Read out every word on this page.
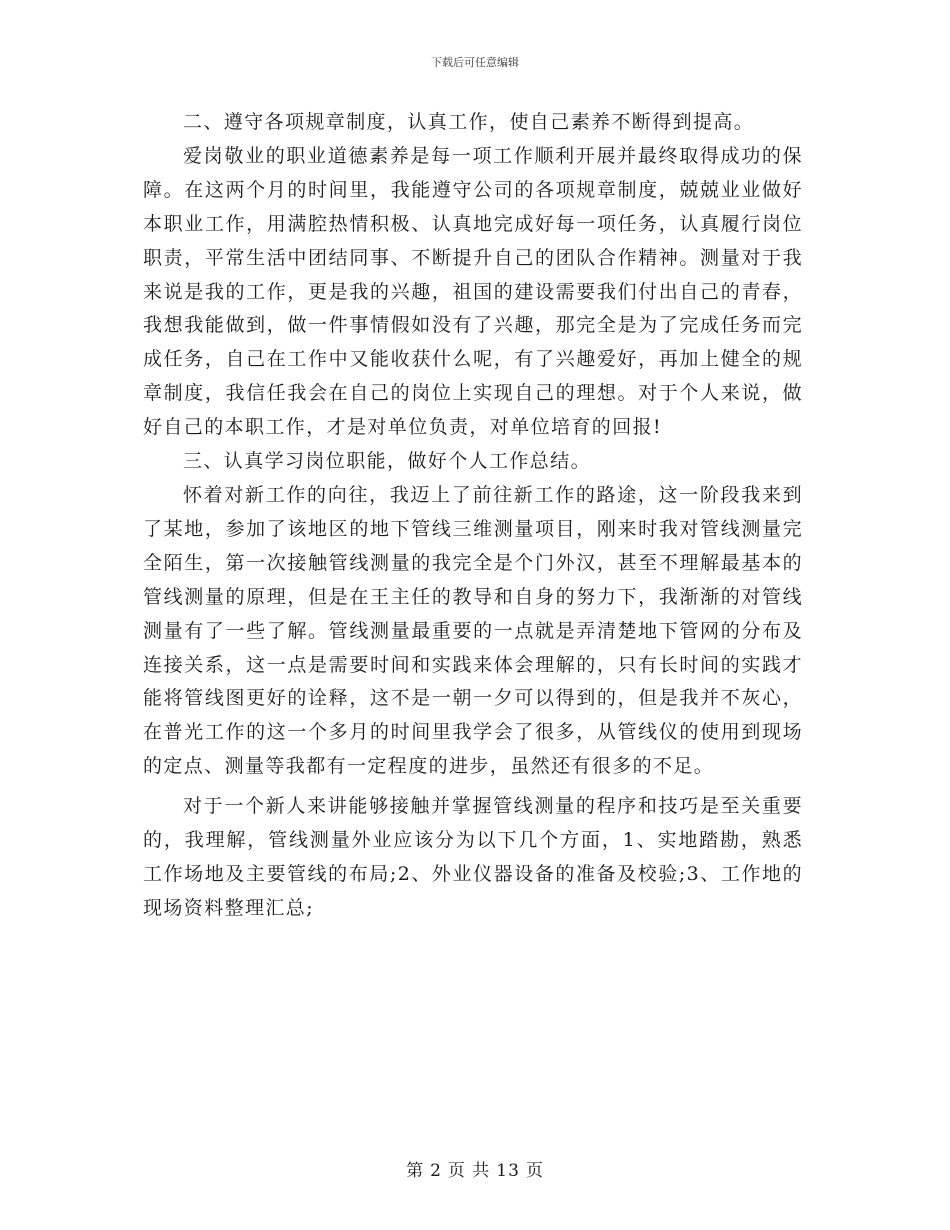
下载后可任意编辑

二、遵守各项规章制度，认真工作，使自己素养不断得到提高。

爱岗敬业的职业道德素养是每一项工作顺利开展并最终取得成功的保障。在这两个月的时间里，我能遵守公司的各项规章制度，兢兢业业做好本职业工作，用满腔热情积极、认真地完成好每一项任务，认真履行岗位职责，平常生活中团结同事、不断提升自己的团队合作精神。测量对于我来说是我的工作，更是我的兴趣，祖国的建设需要我们付出自己的青春，我想我能做到，做一件事情假如没有了兴趣，那完全是为了完成任务而完成任务，自己在工作中又能收获什么呢，有了兴趣爱好，再加上健全的规章制度，我信任我会在自己的岗位上实现自己的理想。对于个人来说，做好自己的本职工作，才是对单位负责，对单位培育的回报!

三、认真学习岗位职能，做好个人工作总结。

怀着对新工作的向往，我迈上了前往新工作的路途，这一阶段我来到了某地，参加了该地区的地下管线三维测量项目，刚来时我对管线测量完全陌生，第一次接触管线测量的我完全是个门外汉，甚至不理解最基本的管线测量的原理，但是在王主任的教导和自身的努力下，我渐渐的对管线测量有了一些了解。管线测量最重要的一点就是弄清楚地下管网的分布及连接关系，这一点是需要时间和实践来体会理解的，只有长时间的实践才能将管线图更好的诠释，这不是一朝一夕可以得到的，但是我并不灰心，在普光工作的这一个多月的时间里我学会了很多，从管线仪的使用到现场的定点、测量等我都有一定程度的进步，虽然还有很多的不足。

对于一个新人来讲能够接触并掌握管线测量的程序和技巧是至关重要的，我理解，管线测量外业应该分为以下几个方面，1、实地踏勘，熟悉工作场地及主要管线的布局;2、外业仪器设备的准备及校验;3、工作地的现场资料整理汇总;

第 2 页 共 13 页
